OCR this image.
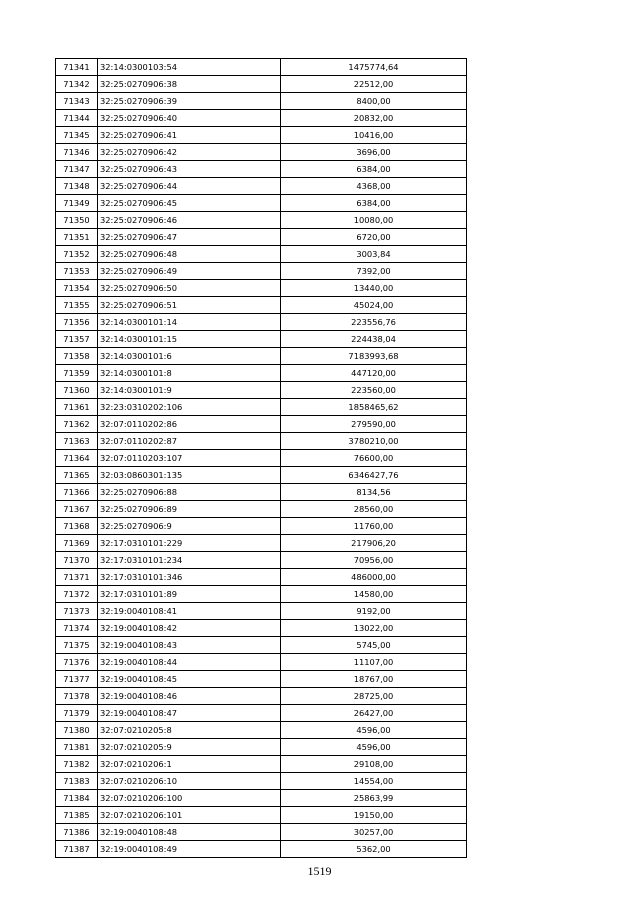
71341	32:14:0300103:54	1475774,64
71342	32:25:0270906:38	22512,00
71343	32:25:0270906:39	8400,00
71344	32:25:0270906:40	20832,00
71345	32:25:0270906:41	10416,00
71346	32:25:0270906:42	3696,00
71347	32:25:0270906:43	6384,00
71348	32:25:0270906:44	4368,00
71349	32:25:0270906:45	6384,00
71350	32:25:0270906:46	10080,00
71351	32:25:0270906:47	6720,00
71352	32:25:0270906:48	3003,84
71353	32:25:0270906:49	7392,00
71354	32:25:0270906:50	13440,00
71355	32:25:0270906:51	45024,00
71356	32:14:0300101:14	223556,76
71357	32:14:0300101:15	224438,04
71358	32:14:0300101:6	7183993,68
71359	32:14:0300101:8	447120,00
71360	32:14:0300101:9	223560,00
71361	32:23:0310202:106	1858465,62
71362	32:07:0110202:86	279590,00
71363	32:07:0110202:87	3780210,00
71364	32:07:0110203:107	76600,00
71365	32:03:0860301:135	6346427,76
71366	32:25:0270906:88	8134,56
71367	32:25:0270906:89	28560,00
71368	32:25:0270906:9	11760,00
71369	32:17:0310101:229	217906,20
71370	32:17:0310101:234	70956,00
71371	32:17:0310101:346	486000,00
71372	32:17:0310101:89	14580,00
71373	32:19:0040108:41	9192,00
71374	32:19:0040108:42	13022,00
71375	32:19:0040108:43	5745,00
71376	32:19:0040108:44	11107,00
71377	32:19:0040108:45	18767,00
71378	32:19:0040108:46	28725,00
71379	32:19:0040108:47	26427,00
71380	32:07:0210205:8	4596,00
71381	32:07:0210205:9	4596,00
71382	32:07:0210206:1	29108,00
71383	32:07:0210206:10	14554,00
71384	32:07:0210206:100	25863,99
71385	32:07:0210206:101	19150,00
71386	32:19:0040108:48	30257,00
71387	32:19:0040108:49	5362,00
1519
